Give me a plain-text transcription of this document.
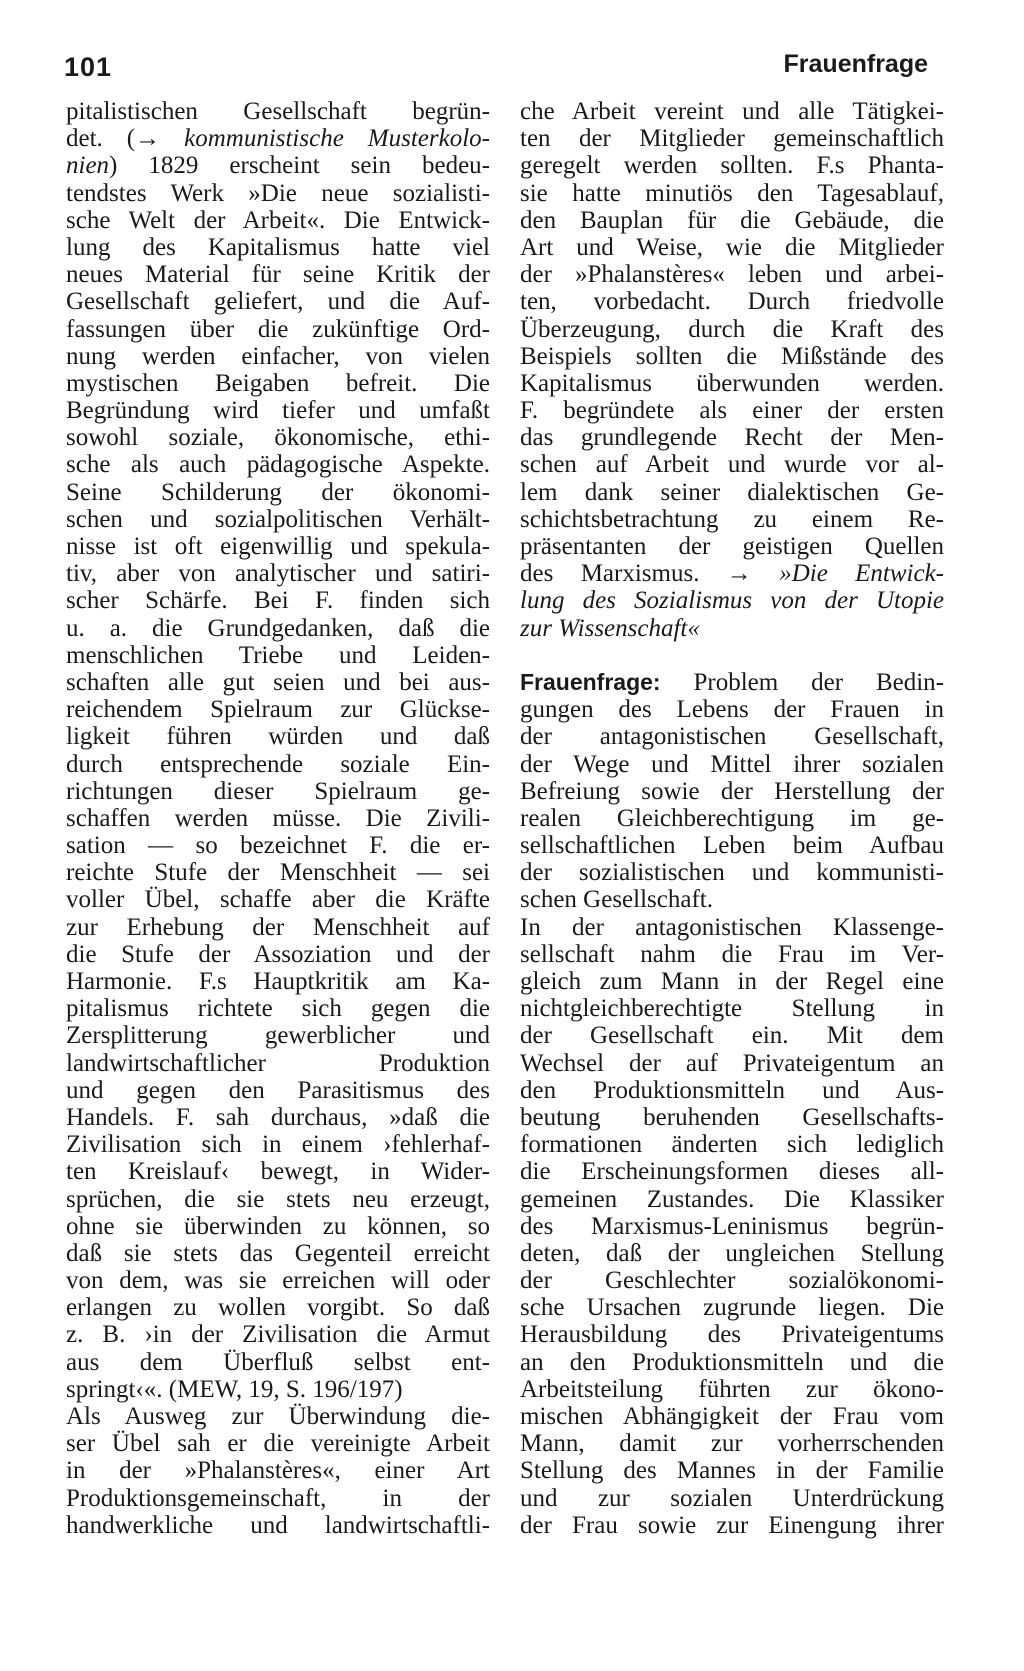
101	Frauenfrage
pitalistischen Gesellschaft begrün-
det. (→ kommunistische Musterkolo-
nien) 1829 erscheint sein bedeu-
tendstes Werk »Die neue sozialisti-
sche Welt der Arbeit«. Die Entwick-
lung des Kapitalismus hatte viel
neues Material für seine Kritik der
Gesellschaft geliefert, und die Auf-
fassungen über die zukünftige Ord-
nung werden einfacher, von vielen
mystischen Beigaben befreit. Die
Begründung wird tiefer und umfaßt
sowohl soziale, ökonomische, ethi-
sche als auch pädagogische Aspekte.
Seine Schilderung der ökonomi-
schen und sozialpolitischen Verhält-
nisse ist oft eigenwillig und spekula-
tiv, aber von analytischer und satiri-
scher Schärfe. Bei F. finden sich
u. a. die Grundgedanken, daß die
menschlichen Triebe und Leiden-
schaften alle gut seien und bei aus-
reichendem Spielraum zur Glückse-
ligkeit führen würden und daß
durch entsprechende soziale Ein-
richtungen dieser Spielraum ge-
schaffen werden müsse. Die Zivili-
sation — so bezeichnet F. die er-
reichte Stufe der Menschheit — sei
voller Übel, schaffe aber die Kräfte
zur Erhebung der Menschheit auf
die Stufe der Assoziation und der
Harmonie. F.s Hauptkritik am Ka-
pitalismus richtete sich gegen die
Zersplitterung gewerblicher und
landwirtschaftlicher Produktion
und gegen den Parasitismus des
Handels. F. sah durchaus, »daß die
Zivilisation sich in einem ›fehlerhaf-
ten Kreislauf‹ bewegt, in Wider-
sprüchen, die sie stets neu erzeugt,
ohne sie überwinden zu können, so
daß sie stets das Gegenteil erreicht
von dem, was sie erreichen will oder
erlangen zu wollen vorgibt. So daß
z. B. ›in der Zivilisation die Armut
aus dem Überfluß selbst ent-
springt‹«. (MEW, 19, S. 196/197)
Als Ausweg zur Überwindung die-
ser Übel sah er die vereinigte Arbeit
in der »Phalanstères«, einer Art
Produktionsgemeinschaft, in der
handwerkliche und landwirtschaftli-
che Arbeit vereint und alle Tätigkei-
ten der Mitglieder gemeinschaftlich
geregelt werden sollten. F.s Phanta-
sie hatte minutiös den Tagesablauf,
den Bauplan für die Gebäude, die
Art und Weise, wie die Mitglieder
der »Phalanstères« leben und arbei-
ten, vorbedacht. Durch friedvolle
Überzeugung, durch die Kraft des
Beispiels sollten die Mißstände des
Kapitalismus überwunden werden.
F. begründete als einer der ersten
das grundlegende Recht der Men-
schen auf Arbeit und wurde vor al-
lem dank seiner dialektischen Ge-
schichtsbetrachtung zu einem Re-
präsentanten der geistigen Quellen
des Marxismus. → »Die Entwick-
lung des Sozialismus von der Utopie
zur Wissenschaft«
Frauenfrage: Problem der Bedin-
gungen des Lebens der Frauen in
der antagonistischen Gesellschaft,
der Wege und Mittel ihrer sozialen
Befreiung sowie der Herstellung der
realen Gleichberechtigung im ge-
sellschaftlichen Leben beim Aufbau
der sozialistischen und kommunisti-
schen Gesellschaft.
In der antagonistischen Klassenge-
sellschaft nahm die Frau im Ver-
gleich zum Mann in der Regel eine
nichtgleichberechtigte Stellung in
der Gesellschaft ein. Mit dem
Wechsel der auf Privateigentum an
den Produktionsmitteln und Aus-
beutung beruhenden Gesellschafts-
formationen änderten sich lediglich
die Erscheinungsformen dieses all-
gemeinen Zustandes. Die Klassiker
des Marxismus-Leninismus begrün-
deten, daß der ungleichen Stellung
der Geschlechter sozialökonomi-
sche Ursachen zugrunde liegen. Die
Herausbildung des Privateigentums
an den Produktionsmitteln und die
Arbeitsteilung führten zur ökono-
mischen Abhängigkeit der Frau vom
Mann, damit zur vorherrschenden
Stellung des Mannes in der Familie
und zur sozialen Unterdrückung
der Frau sowie zur Einengung ihrer
